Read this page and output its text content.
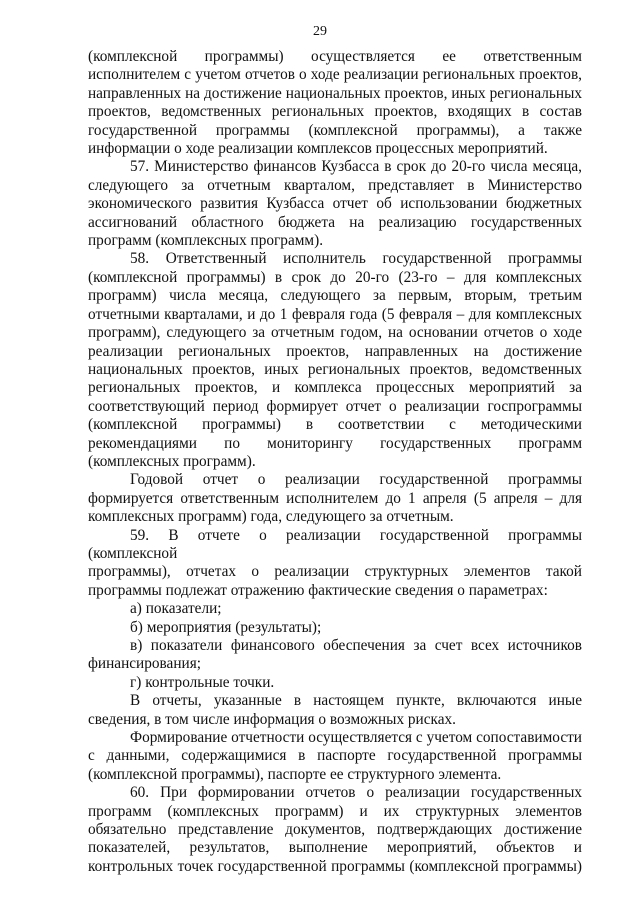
29

(комплексной программы) осуществляется ее ответственным

исполнителем с учетом отчетов о ходе реализации региональных проектов,

направленных на достижение национальных проектов, иных региональных

проектов, ведомственных региональных проектов, входящих в состав

государственной программы (комплексной программы), а также

информации о ходе реализации комплексов процессных мероприятий.

57. Министерство финансов Кузбасса в срок до 20-го числа месяца,

следующего за отчетным кварталом, представляет в Министерство

экономического развития Кузбасса отчет об использовании бюджетных

ассигнований областного бюджета на реализацию государственных

программ (комплексных программ).

58. Ответственный исполнитель государственной программы

(комплексной программы) в срок до 20-го (23-го – для комплексных

программ) числа месяца, следующего за первым, вторым, третьим

отчетными кварталами, и до 1 февраля года (5 февраля – для комплексных

программ), следующего за отчетным годом, на основании отчетов о ходе

реализации региональных проектов, направленных на достижение

национальных проектов, иных региональных проектов, ведомственных

региональных проектов, и комплекса процессных мероприятий за

соответствующий период формирует отчет о реализации госпрограммы

(комплексной программы) в соответствии с методическими

рекомендациями по мониторингу государственных программ

(комплексных программ).

Годовой отчет о реализации государственной программы

формируется ответственным исполнителем до 1 апреля (5 апреля – для

комплексных программ) года, следующего за отчетным.

59. В отчете о реализации государственной программы (комплексной

программы), отчетах о реализации структурных элементов такой

программы подлежат отражению фактические сведения о параметрах:

а) показатели;

б) мероприятия (результаты);

в) показатели финансового обеспечения за счет всех источников

финансирования;

г) контрольные точки.

В отчеты, указанные в настоящем пункте, включаются иные

сведения, в том числе информация о возможных рисках.

Формирование отчетности осуществляется с учетом сопоставимости

с данными, содержащимися в паспорте государственной программы

(комплексной программы), паспорте ее структурного элемента.

60. При формировании отчетов о реализации государственных

программ (комплексных программ) и их структурных элементов

обязательно представление документов, подтверждающих достижение

показателей, результатов, выполнение мероприятий, объектов и

контрольных точек государственной программы (комплексной программы)
